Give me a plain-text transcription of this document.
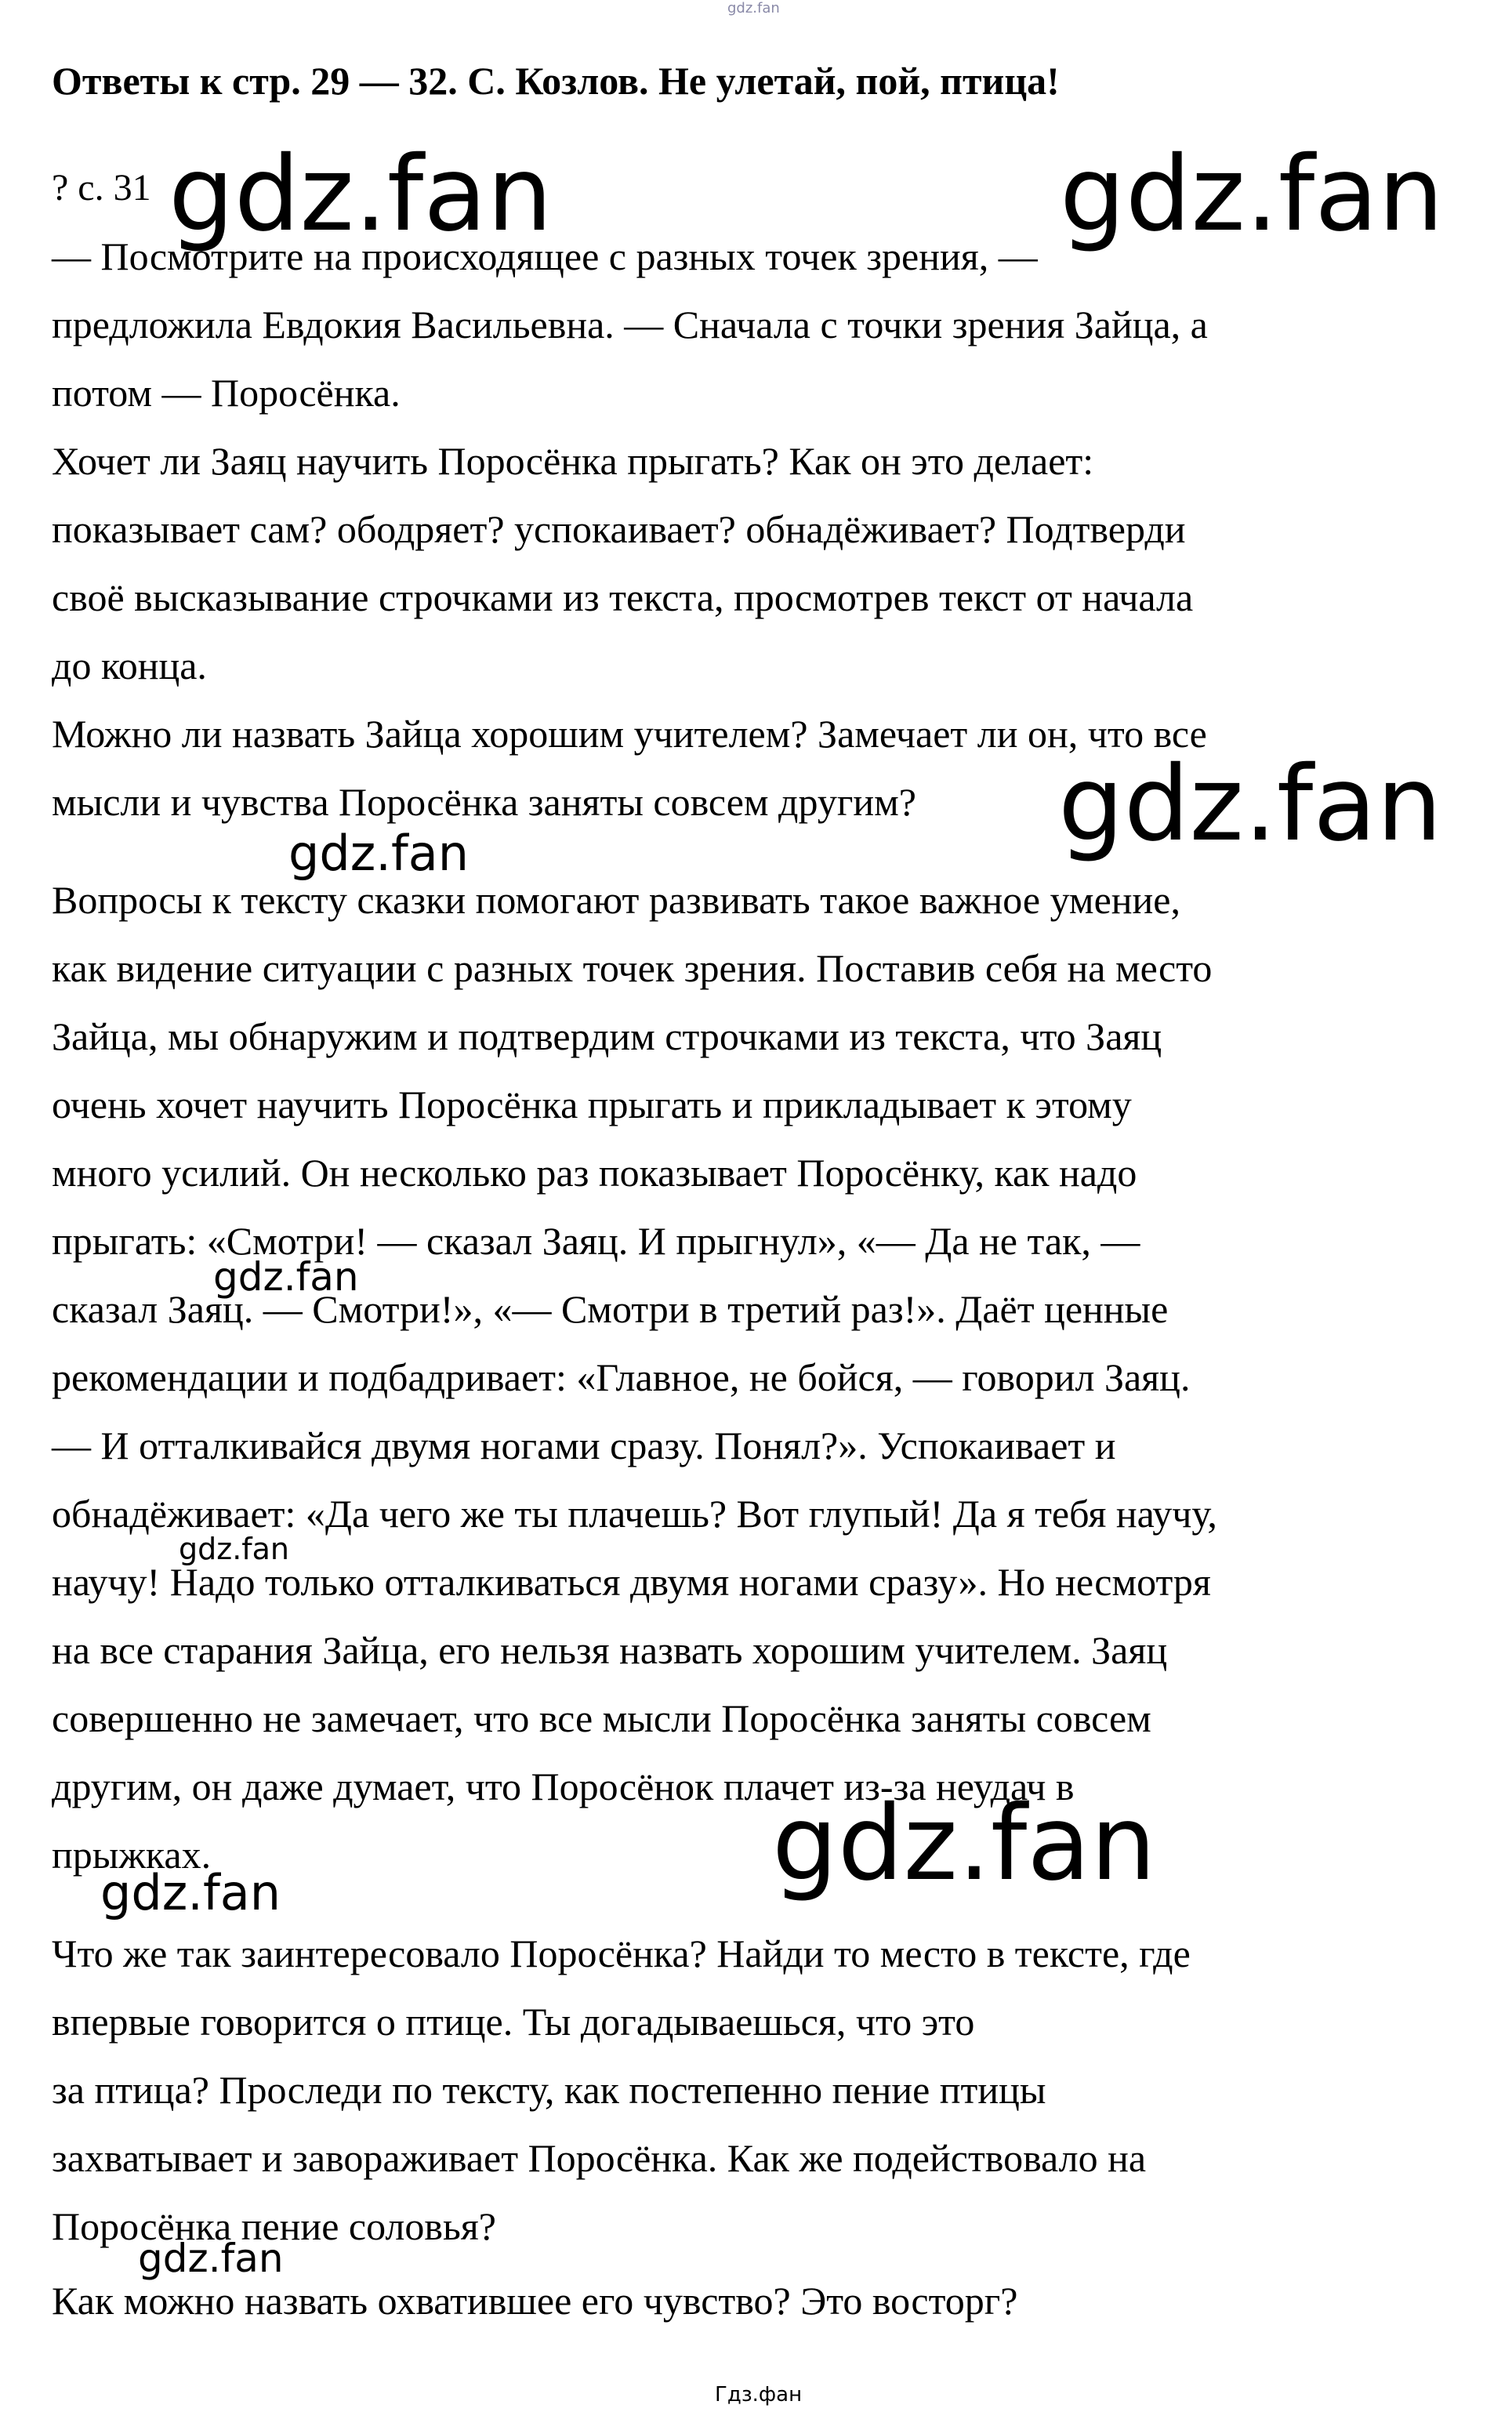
gdz.fan
Ответы к стр. 29 — 32. С. Козлов. Не улетай, пой, птица!
? с. 31
— Посмотрите на происходящее с разных точек зрения, —
предложила Евдокия Васильевна. — Сначала с точки зрения Зайца, а
потом — Поросёнка.
Хочет ли Заяц научить Поросёнка прыгать? Как он это делает:
показывает сам? ободряет? успокаивает? обнадёживает? Подтверди
своё высказывание строчками из текста, просмотрев текст от начала
до конца.
Можно ли назвать Зайца хорошим учителем? Замечает ли он, что все
мысли и чувства Поросёнка заняты совсем другим?
Вопросы к тексту сказки помогают развивать такое важное умение,
как видение ситуации с разных точек зрения. Поставив себя на место
Зайца, мы обнаружим и подтвердим строчками из текста, что Заяц
очень хочет научить Поросёнка прыгать и прикладывает к этому
много усилий. Он несколько раз показывает Поросёнку, как надо
прыгать: «Смотри! — сказал Заяц. И прыгнул», «— Да не так, —
сказал Заяц. — Смотри!», «— Смотри в третий раз!». Даёт ценные
рекомендации и подбадривает: «Главное, не бойся, — говорил Заяц.
— И отталкивайся двумя ногами сразу. Понял?». Успокаивает и
обнадёживает: «Да чего же ты плачешь? Вот глупый! Да я тебя научу,
научу! Надо только отталкиваться двумя ногами сразу». Но несмотря
на все старания Зайца, его нельзя назвать хорошим учителем. Заяц
совершенно не замечает, что все мысли Поросёнка заняты совсем
другим, он даже думает, что Поросёнок плачет из-за неудач в
прыжках.
Что же так заинтересовало Поросёнка? Найди то место в тексте, где
впервые говорится о птице. Ты догадываешься, что это
за птица? Проследи по тексту, как постепенно пение птицы
захватывает и завораживает Поросёнка. Как же подействовало на
Поросёнка пение соловья?
Как можно назвать охватившее его чувство? Это восторг?
gdz.fan	gdz.fan
gdz.fan
gdz.fan
gdz.fan
gdz.fan
gdz.fan
gdz.fan
gdz.fan
Гдз.фан
